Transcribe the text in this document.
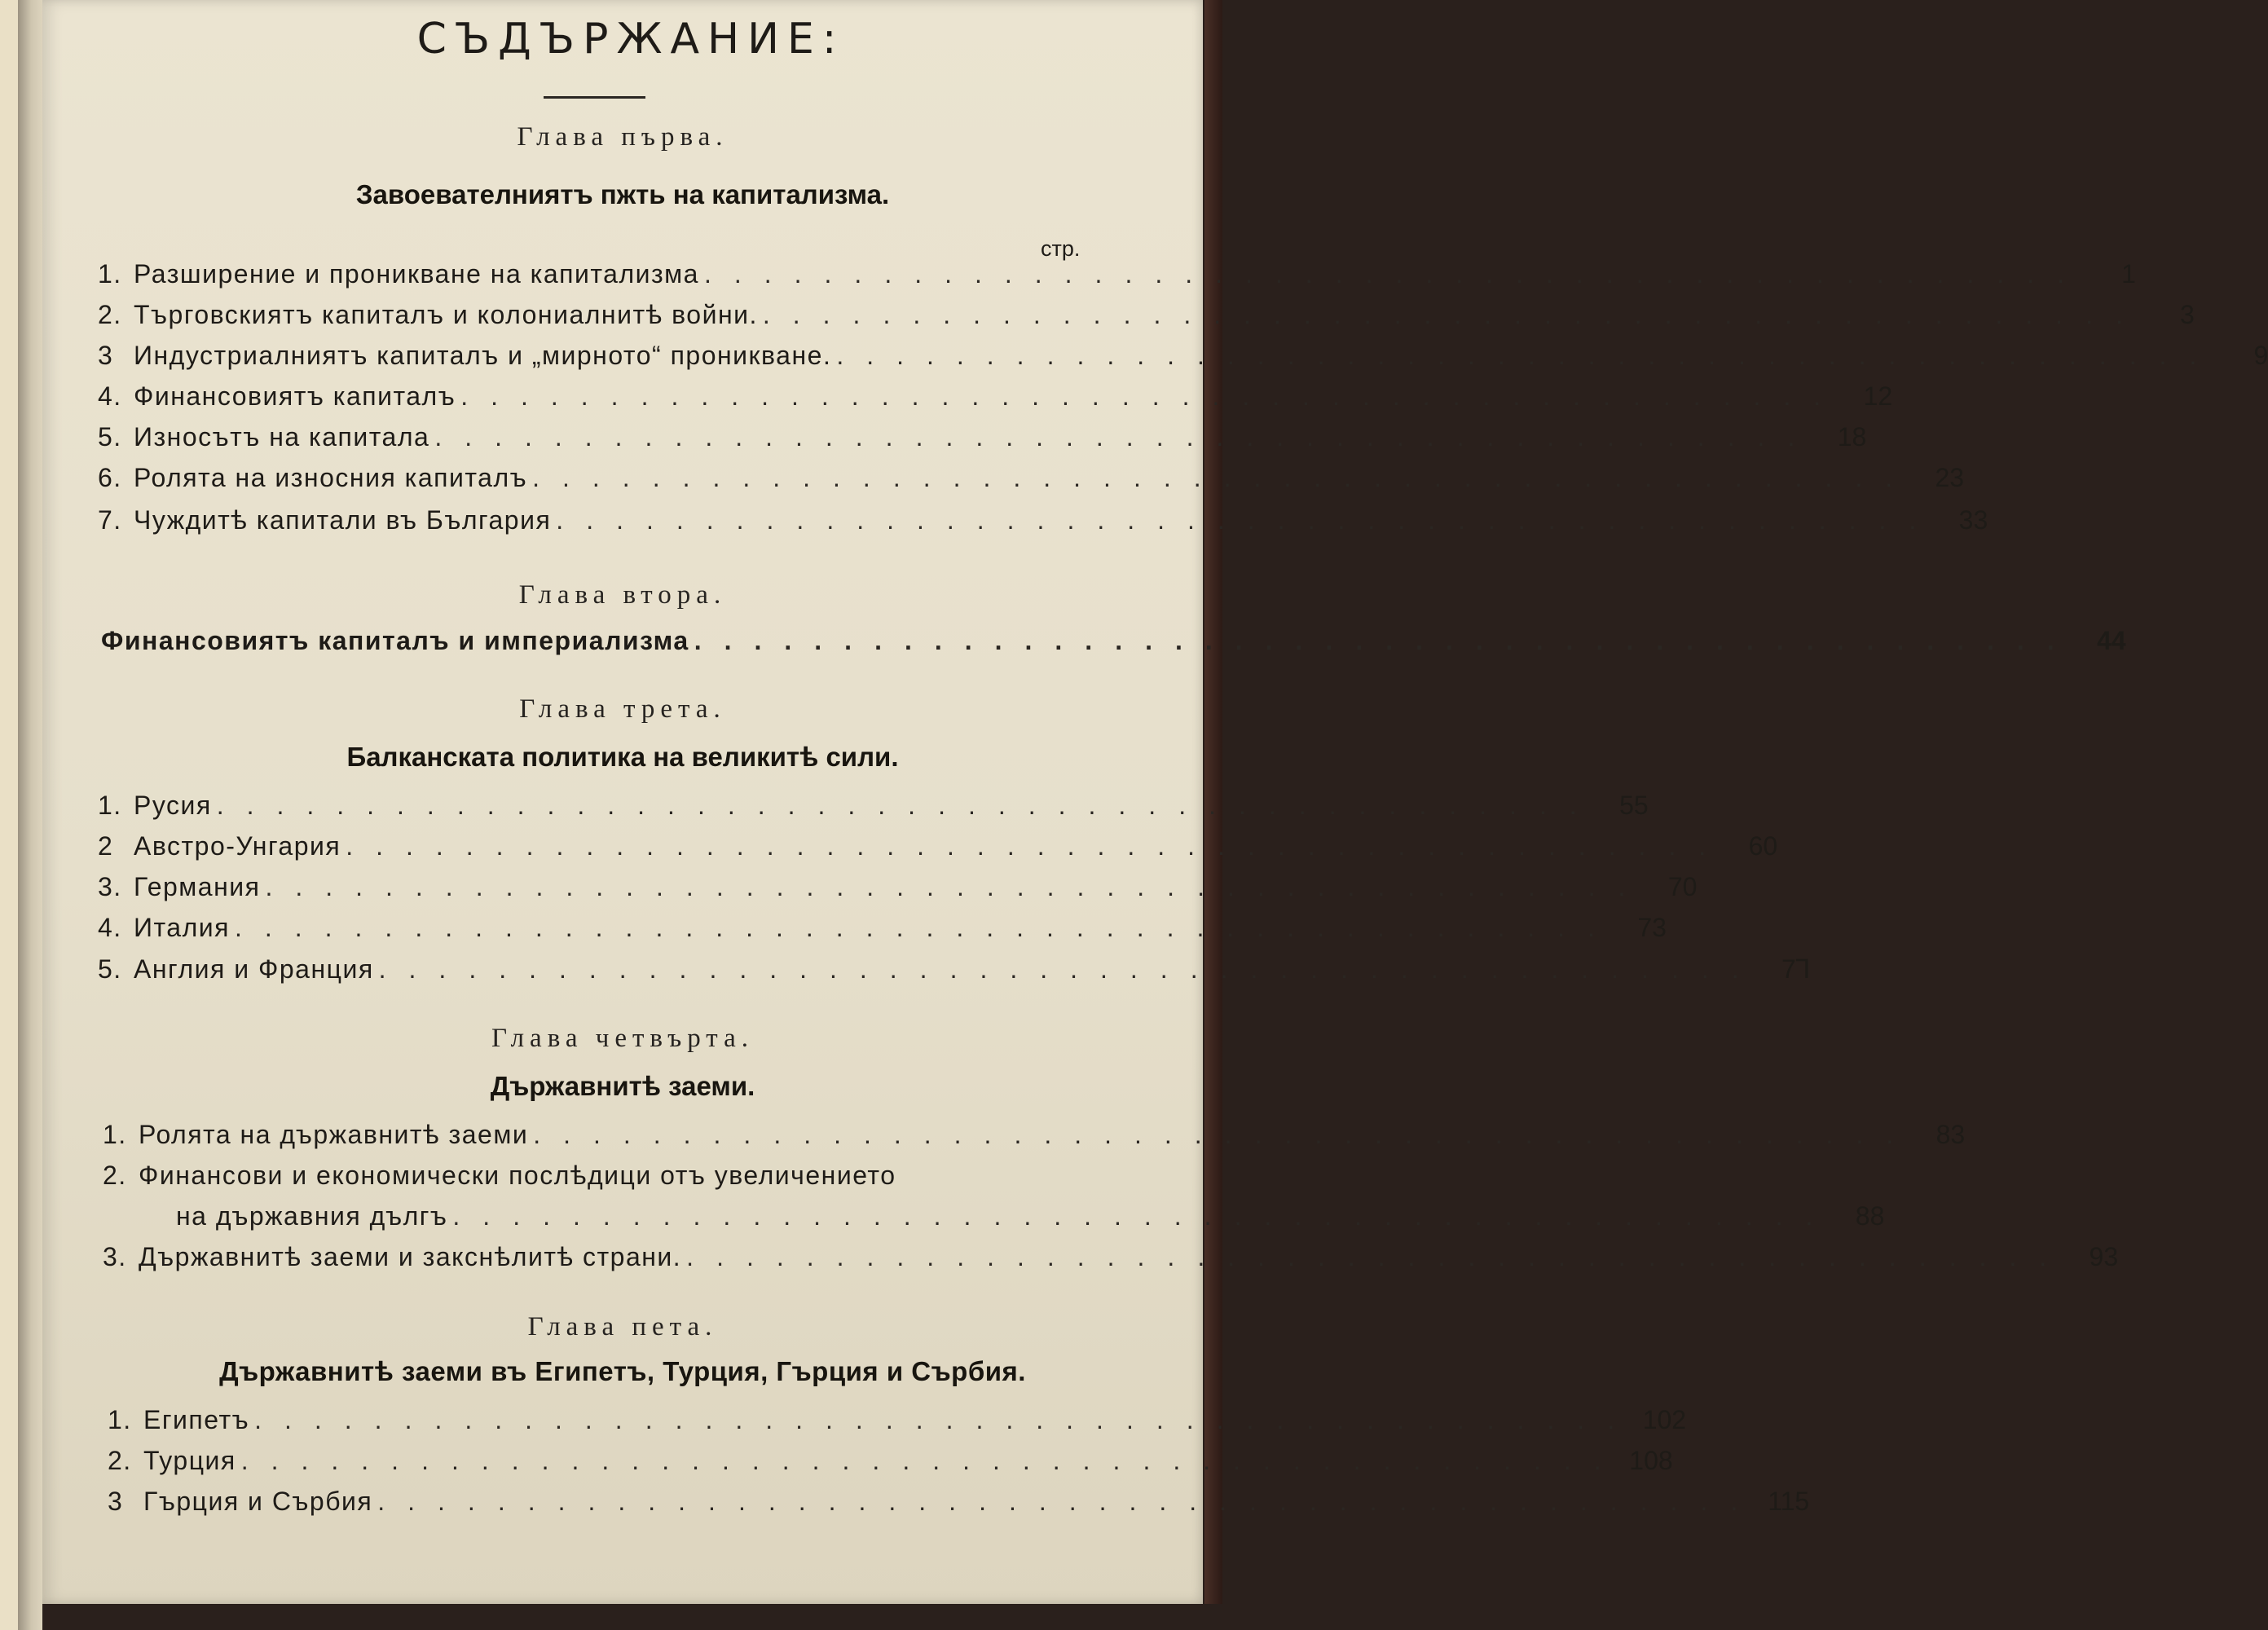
СЪДЪРЖАНИЕ:
Глава първа.
Завоевателниятъ пжть на капитализма.
стр.
1. Разширение и проникване на капитализма ..............................................	1
2. Търговскиятъ капиталъ и колониалнитѣ войни. ..............................................	3
3 Индустриалниятъ капиталъ и „мирното“ проникване. ..............................................	9
4. Финансовиятъ капиталъ .............................................. 12
5. Износътъ на капитала .............................................. 18
6. Ролята на износния капиталъ .............................................. 23
7. Чуждитѣ капитали въ България .............................................. 33
Глава втора.
Финансовиятъ капиталъ и империализма .............................................. 44
Глава трета.
Балканската политика на великитѣ сили.
1. Русия .............................................. 55
2 Австро-Унгария .............................................. 60
3. Германия .............................................. 70
4. Италия .............................................. 73
5. Англия и Франция .............................................. 7Ꞁ
Глава четвърта.
Държавнитѣ заеми.
1. Ролята на държавнитѣ заеми .............................................. 83
2. Финансови и економически послѣдици отъ увеличението
на държавния дългъ .............................................. 88
3. Държавнитѣ заеми и закснѣлитѣ страни. .............................................. 93
Глава пета.
Държавнитѣ заеми въ Египетъ, Турция, Гърция и Сърбия.
1. Египетъ .............................................. 102
2. Турция .............................................. 108
3 Гърция и Сърбия .............................................. 115
